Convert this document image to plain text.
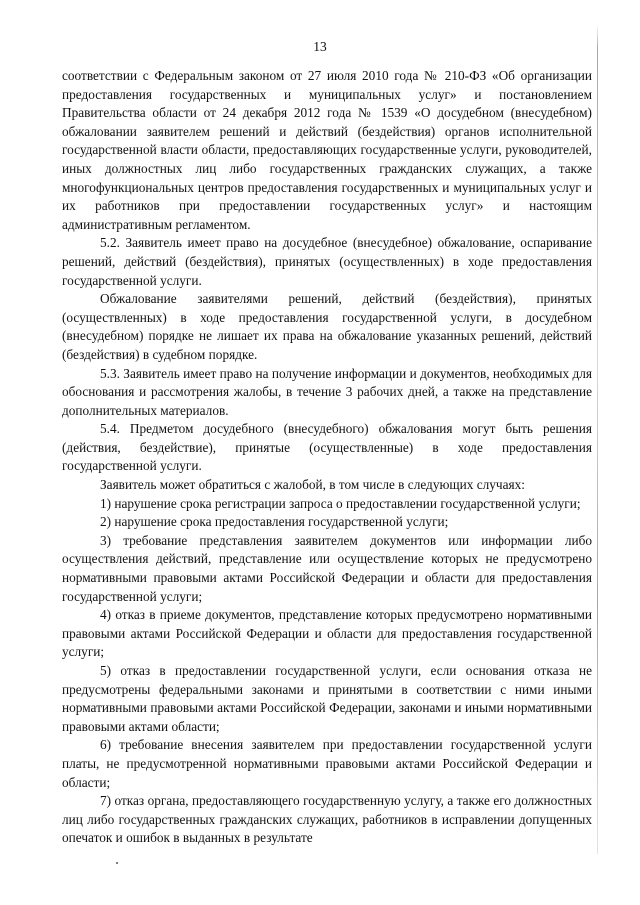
13

соответствии с Федеральным законом от 27 июля 2010 года № 210-ФЗ «Об организации предоставления государственных и муниципальных услуг» и постановлением Правительства области от 24 декабря 2012 года № 1539 «О досудебном (внесудебном) обжаловании заявителем решений и действий (бездействия) органов исполнительной государственной власти области, предоставляющих государственные услуги, руководителей, иных должностных лиц либо государственных гражданских служащих, а также многофункциональных центров предоставления государственных и муниципальных услуг и их работников при предоставлении государственных услуг» и настоящим административным регламентом.

5.2. Заявитель имеет право на досудебное (внесудебное) обжалование, оспаривание решений, действий (бездействия), принятых (осуществленных) в ходе предоставления государственной услуги.

Обжалование заявителями решений, действий (бездействия), принятых (осуществленных) в ходе предоставления государственной услуги, в досудебном (внесудебном) порядке не лишает их права на обжалование указанных решений, действий (бездействия) в судебном порядке.

5.3. Заявитель имеет право на получение информации и документов, необходимых для обоснования и рассмотрения жалобы, в течение 3 рабочих дней, а также на представление дополнительных материалов.

5.4. Предметом досудебного (внесудебного) обжалования могут быть решения (действия, бездействие), принятые (осуществленные) в ходе предоставления государственной услуги.

Заявитель может обратиться с жалобой, в том числе в следующих случаях:

1) нарушение срока регистрации запроса о предоставлении государственной услуги;

2) нарушение срока предоставления государственной услуги;

3) требование представления заявителем документов или информации либо осуществления действий, представление или осуществление которых не предусмотрено нормативными правовыми актами Российской Федерации и области для предоставления государственной услуги;

4) отказ в приеме документов, представление которых предусмотрено нормативными правовыми актами Российской Федерации и области для предоставления государственной услуги;

5) отказ в предоставлении государственной услуги, если основания отказа не предусмотрены федеральными законами и принятыми в соответствии с ними иными нормативными правовыми актами Российской Федерации, законами и иными нормативными правовыми актами области;

6) требование внесения заявителем при предоставлении государственной услуги платы, не предусмотренной нормативными правовыми актами Российской Федерации и области;

7) отказ органа, предоставляющего государственную услугу, а также его должностных лиц либо государственных гражданских служащих, работников в исправлении допущенных опечаток и ошибок в выданных в результате
